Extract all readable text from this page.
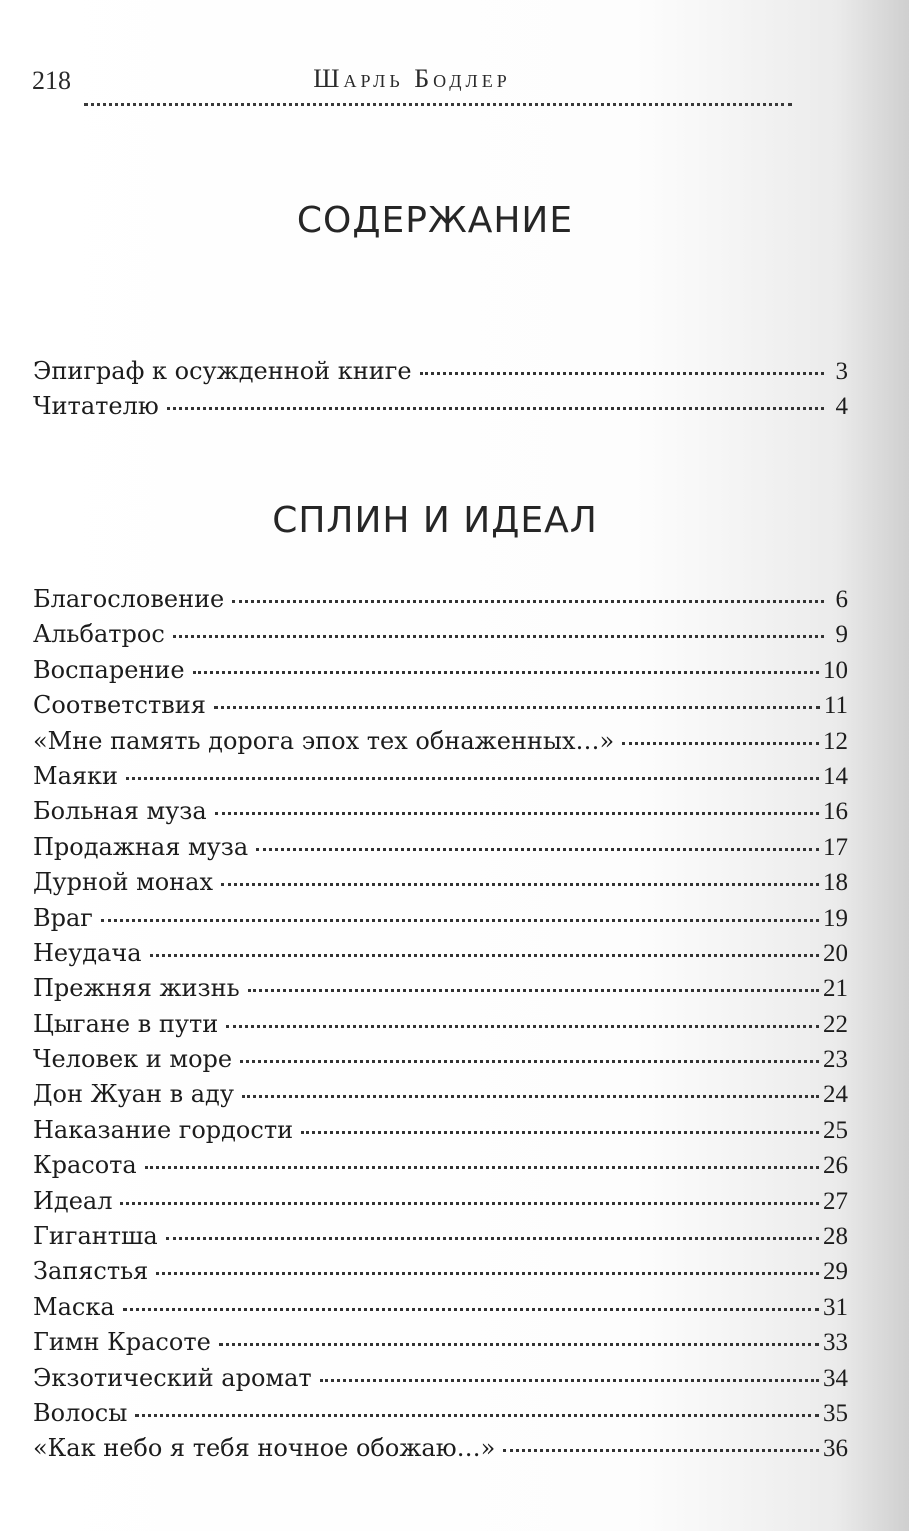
218	Шарль Бодлер
СОДЕРЖАНИЕ
Эпиграф к осужденной книге	3
Читателю	4
СПЛИН И ИДЕАЛ
Благословение	6
Альбатрос	9
Воспарение	10
Соответствия	11
«Мне память дорога эпох тех обнаженных…»	12
Маяки	14
Больная муза	16
Продажная муза	17
Дурной монах	18
Враг	19
Неудача	20
Прежняя жизнь	21
Цыгане в пути	22
Человек и море	23
Дон Жуан в аду	24
Наказание гордости	25
Красота	26
Идеал	27
Гигантша	28
Запястья	29
Маска	31
Гимн Красоте	33
Экзотический аромат	34
Волосы	35
«Как небо я тебя ночное обожаю…»	36
